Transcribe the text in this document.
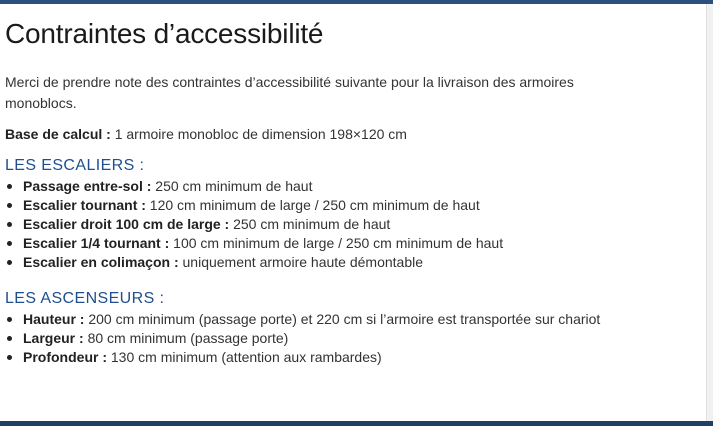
Contraintes d’accessibilité

Merci de prendre note des contraintes d’accessibilité suivante pour la livraison des armoires monoblocs.

Base de calcul : 1 armoire monobloc de dimension 198×120 cm

LES ESCALIERS :
Passage entre-sol : 250 cm minimum de haut
Escalier tournant : 120 cm minimum de large / 250 cm minimum de haut
Escalier droit 100 cm de large : 250 cm minimum de haut
Escalier 1/4 tournant : 100 cm minimum de large / 250 cm minimum de haut
Escalier en colimaçon : uniquement armoire haute démontable
LES ASCENSEURS :
Hauteur : 200 cm minimum (passage porte) et 220 cm si l’armoire est transportée sur chariot
Largeur : 80 cm minimum (passage porte)
Profondeur : 130 cm minimum (attention aux rambardes)
